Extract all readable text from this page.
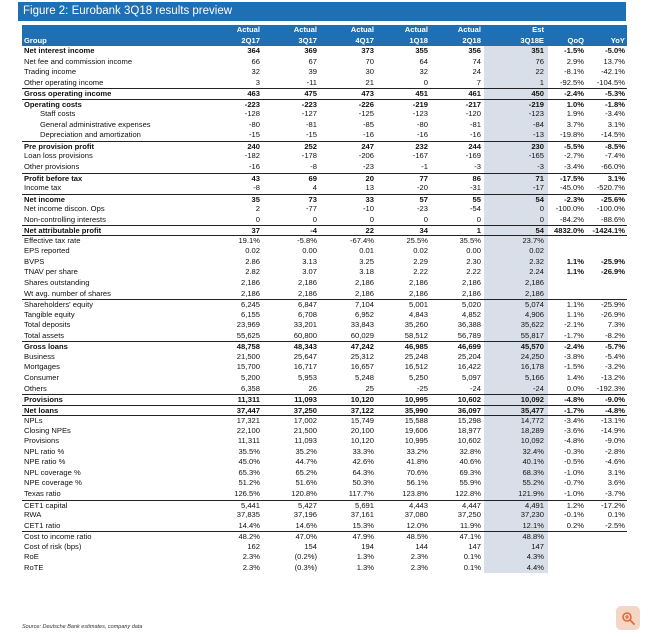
Figure 2: Eurobank 3Q18 results preview
Actual	Actual	Actual	Actual	Actual	Est
Group	2Q17	3Q17	4Q17	1Q18	2Q18	3Q18E	QoQ	YoY
Net interest income	364	369	373	355	356	351	-1.5%	-5.0%
Net fee and commission income	66	67	70	64	74	76	2.9%	13.7%
Trading income	32	39	30	32	24	22	-8.1%	-42.1%
Other operating income	3	-11	21	0	7	1	-92.5%	-104.5%
Gross operating income	463	475	473	451	461	450	-2.4%	-5.3%
Operating costs	-223	-223	-226	-219	-217	-219	1.0%	-1.8%
Staff costs	-128	-127	-125	-123	-120	-123	1.9%	-3.4%
General administrative expenses	-80	-81	-85	-80	-81	-84	3.7%	3.1%
Depreciation and amortization	-15	-15	-16	-16	-16	-13	-19.8%	-14.5%
Pre provision profit	240	252	247	232	244	230	-5.5%	-8.5%
Loan loss provisions	-182	-178	-206	-167	-169	-165	-2.7%	-7.4%
Other provisions	-16	-8	-23	-1	-3	-3	-3.4%	-66.0%
Profit before tax	43	69	20	77	86	71	-17.5%	3.1%
Income tax	-8	4	13	-20	-31	-17	-45.0%	-520.7%
Net income	35	73	33	57	55	54	-2.3%	-25.6%
Net income discon. Ops	2	-77	-10	-23	-54	0	-100.0%	-100.0%
Non-controlling interests	0	0	0	0	0	0	-84.2%	-88.6%
Net attributable profit	37	-4	22	34	1	54	4832.0%	-1424.1%
Effective tax rate	19.1%	-5.8%	-67.4%	25.5%	35.5%	23.7%
EPS reported	0.02	0.00	0.01	0.02	0.00	0.02
BVPS	2.86	3.13	3.25	2.29	2.30	2.32	1.1%	-25.9%
TNAV per share	2.82	3.07	3.18	2.22	2.22	2.24	1.1%	-26.9%
Shares outstanding	2,186	2,186	2,186	2,186	2,186	2,186
Wt avg. number of shares	2,186	2,186	2,186	2,186	2,186	2,186
Shareholders' equity	6,245	6,847	7,104	5,001	5,020	5,074	1.1%	-25.9%
Tangible equity	6,155	6,708	6,952	4,843	4,852	4,906	1.1%	-26.9%
Total deposits	23,969	33,201	33,843	35,260	36,388	35,622	-2.1%	7.3%
Total assets	55,625	60,800	60,029	58,512	56,789	55,817	-1.7%	-8.2%
Gross loans	48,758	48,343	47,242	46,985	46,699	45,570	-2.4%	-5.7%
Business	21,500	25,647	25,312	25,248	25,204	24,250	-3.8%	-5.4%
Mortgages	15,700	16,717	16,657	16,512	16,422	16,178	-1.5%	-3.2%
Consumer	5,200	5,953	5,248	5,250	5,097	5,166	1.4%	-13.2%
Others	6,358	26	25	-25	-24	-24	0.0%	-192.3%
Provisions	11,311	11,093	10,120	10,995	10,602	10,092	-4.8%	-9.0%
Net loans	37,447	37,250	37,122	35,990	36,097	35,477	-1.7%	-4.8%
NPLs	17,321	17,002	15,749	15,588	15,298	14,772	-3.4%	-13.1%
Closing NPEs	22,100	21,500	20,100	19,606	18,977	18,289	-3.6%	-14.9%
Provisions	11,311	11,093	10,120	10,995	10,602	10,092	-4.8%	-9.0%
NPL ratio %	35.5%	35.2%	33.3%	33.2%	32.8%	32.4%	-0.3%	-2.8%
NPE ratio %	45.0%	44.7%	42.6%	41.8%	40.6%	40.1%	-0.5%	-4.6%
NPL coverage %	65.3%	65.2%	64.3%	70.6%	69.3%	68.3%	-1.0%	3.1%
NPE coverage %	51.2%	51.6%	50.3%	56.1%	55.9%	55.2%	-0.7%	3.6%
Texas ratio	126.5%	120.8%	117.7%	123.8%	122.8%	121.9%	-1.0%	-3.7%
CET1 capital	5,441	5,427	5,691	4,443	4,447	4,491	1.2%	-17.2%
RWA	37,835	37,196	37,161	37,080	37,250	37,230	-0.1%	0.1%
CET1 ratio	14.4%	14.6%	15.3%	12.0%	11.9%	12.1%	0.2%	-2.5%
Cost to income ratio	48.2%	47.0%	47.9%	48.5%	47.1%	48.8%
Cost of risk (bps)	162	154	194	144	147	147
RoE	2.3%	(0.2%)	1.3%	2.3%	0.1%	4.3%
RoTE	2.3%	(0.3%)	1.3%	2.3%	0.1%	4.4%
Source: Deutsche Bank estimates, company data
